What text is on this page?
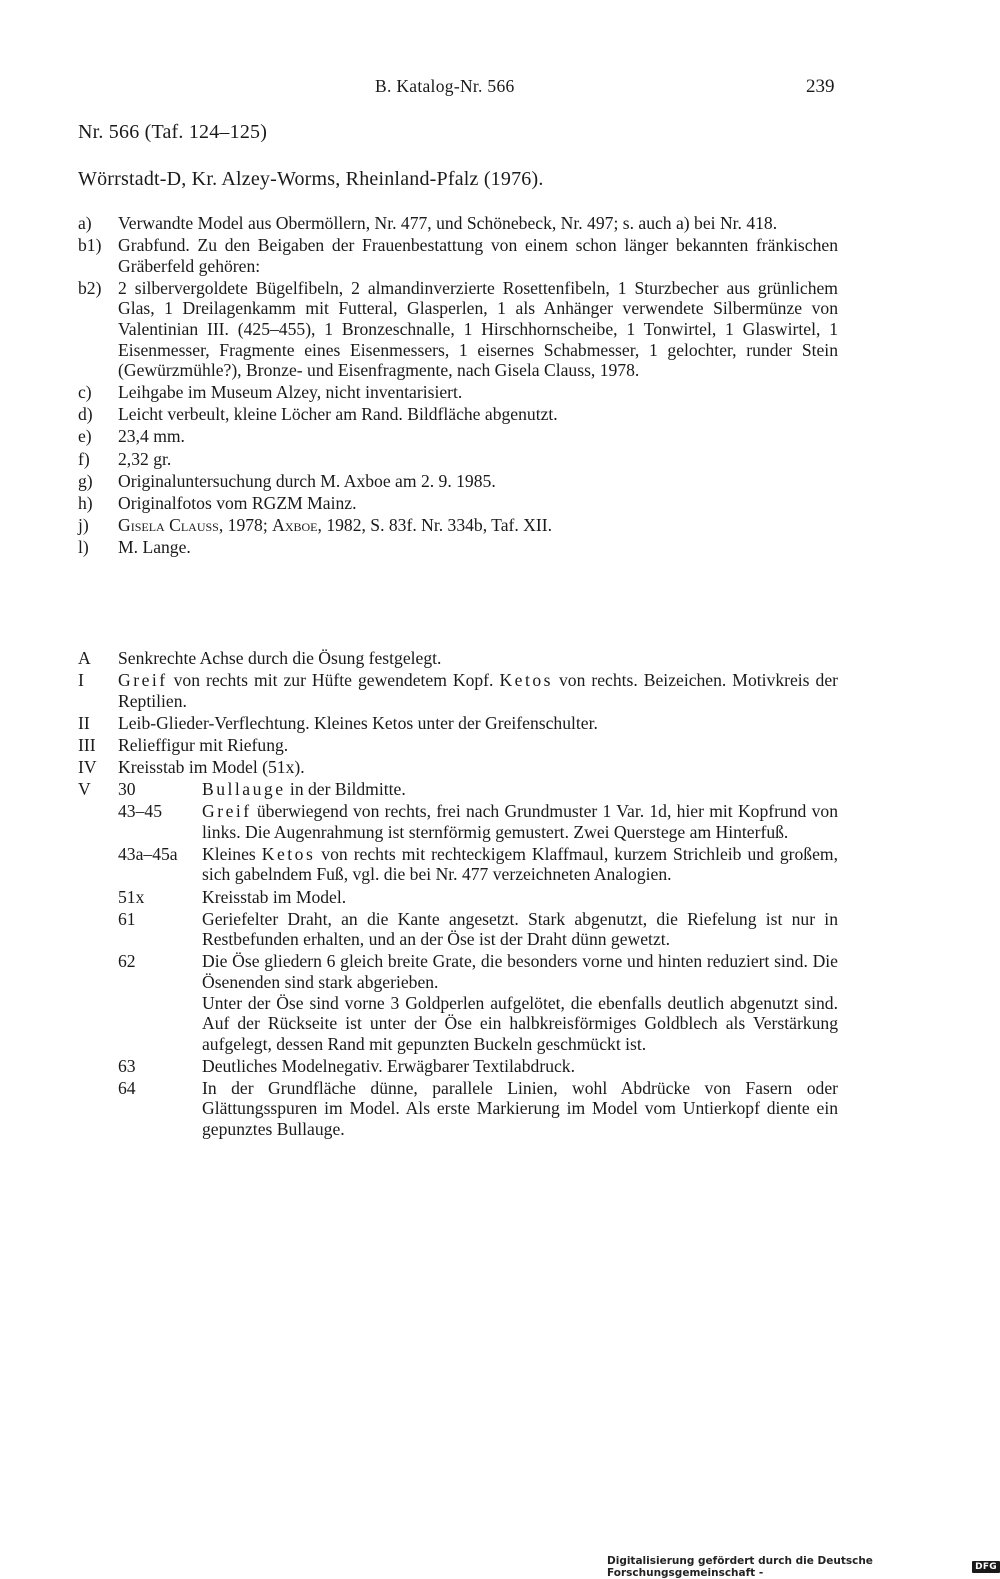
B. Katalog-Nr. 566	239
Nr. 566 (Taf. 124–125)
Wörrstadt-D, Kr. Alzey-Worms, Rheinland-Pfalz (1976).
a)	Verwandte Model aus Obermöllern, Nr. 477, und Schönebeck, Nr. 497; s. auch a) bei Nr. 418.
b1) Grabfund. Zu den Beigaben der Frauenbestattung von einem schon länger bekannten fränkischen Gräberfeld gehören:
b2) 2 silbervergoldete Bügelfibeln, 2 almandinverzierte Rosettenfibeln, 1 Sturzbecher aus grünlichem Glas, 1 Dreilagenkamm mit Futteral, Glasperlen, 1 als Anhänger verwendete Silbermünze von Valentinian III. (425–455), 1 Bronzeschnalle, 1 Hirschhornscheibe, 1 Tonwirtel, 1 Glaswirtel, 1 Eisenmesser, Fragmente eines Eisenmessers, 1 eisernes Schabmesser, 1 gelochter, runder Stein (Gewürzmühle?), Bronze- und Eisenfragmente, nach Gisela Clauss, 1978.
c)	Leihgabe im Museum Alzey, nicht inventarisiert.
d)	Leicht verbeult, kleine Löcher am Rand. Bildfläche abgenutzt.
e)	23,4 mm.
f)	2,32 gr.
g)	Originaluntersuchung durch M. Axboe am 2. 9. 1985.
h)	Originalfotos vom RGZM Mainz.
j)	Gisela Clauss, 1978; Axboe, 1982, S. 83f. Nr. 334b, Taf. XII.
l)	M. Lange.
A	Senkrechte Achse durch die Ösung festgelegt.
I	Greif von rechts mit zur Hüfte gewendetem Kopf. Ketos von rechts. Beizeichen. Motivkreis der Reptilien.
II	Leib-Glieder-Verflechtung. Kleines Ketos unter der Greifenschulter.
III	Relieffigur mit Riefung.
IV	Kreisstab im Model (51x).
V	30	Bullauge in der Bildmitte.
43–45	Greif überwiegend von rechts, frei nach Grundmuster 1 Var. 1d, hier mit Kopfrund von links. Die Augenrahmung ist sternförmig gemustert. Zwei Querstege am Hinterfuß.
43a–45a	Kleines Ketos von rechts mit rechteckigem Klaffmaul, kurzem Strichleib und großem, sich gabelndem Fuß, vgl. die bei Nr. 477 verzeichneten Analogien.
51x	Kreisstab im Model.
61	Geriefelter Draht, an die Kante angesetzt. Stark abgenutzt, die Riefelung ist nur in Restbefunden erhalten, und an der Öse ist der Draht dünn gewetzt.
62	Die Öse gliedern 6 gleich breite Grate, die besonders vorne und hinten reduziert sind. Die Ösenenden sind stark abgerieben.
Unter der Öse sind vorne 3 Goldperlen aufgelötet, die ebenfalls deutlich abgenutzt sind. Auf der Rückseite ist unter der Öse ein halbkreisförmiges Goldblech als Verstärkung aufgelegt, dessen Rand mit gepunzten Buckeln geschmückt ist.
63	Deutliches Modelnegativ. Erwägbarer Textilabdruck.
64	In der Grundfläche dünne, parallele Linien, wohl Abdrücke von Fasern oder Glättungsspuren im Model. Als erste Markierung im Model vom Untierkopf diente ein gepunztes Bullauge.
Digitalisierung gefördert durch die Deutsche Forschungsgemeinschaft -	DFG
